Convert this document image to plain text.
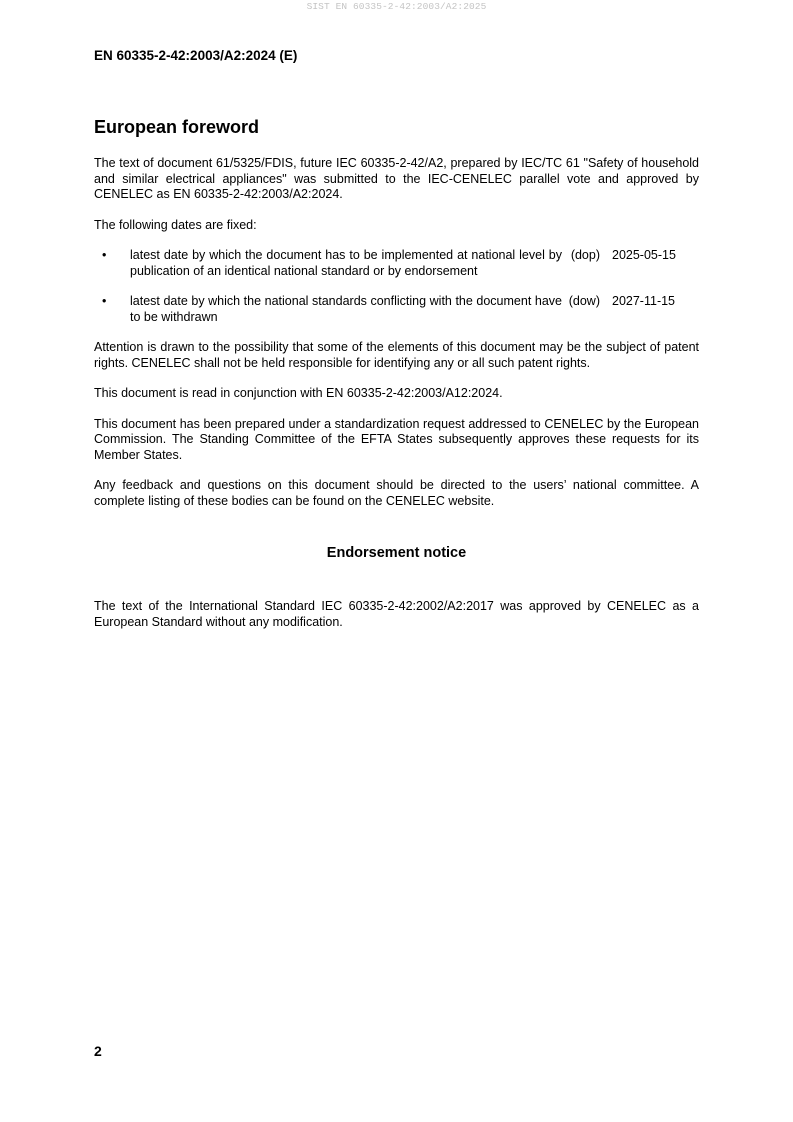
SIST EN 60335-2-42:2003/A2:2025
EN 60335-2-42:2003/A2:2024 (E)
European foreword

The text of document 61/5325/FDIS, future IEC 60335-2-42/A2, prepared by IEC/TC 61 "Safety of household and similar electrical appliances" was submitted to the IEC-CENELEC parallel vote and approved by CENELEC as EN 60335-2-42:2003/A2:2024.

The following dates are fixed:

•	latest date by which the document has to be implemented at national level by publication of an identical national standard or by endorsement
(dop) 2025-05-15
•	latest date by which the national standards conflicting with the document have to be withdrawn
(dow) 2027-11-15

Attention is drawn to the possibility that some of the elements of this document may be the subject of patent rights. CENELEC shall not be held responsible for identifying any or all such patent rights.

This document is read in conjunction with EN 60335-2-42:2003/A12:2024.

This document has been prepared under a standardization request addressed to CENELEC by the European Commission. The Standing Committee of the EFTA States subsequently approves these requests for its Member States.

Any feedback and questions on this document should be directed to the users’ national committee. A complete listing of these bodies can be found on the CENELEC website.

Endorsement notice

The text of the International Standard IEC 60335-2-42:2002/A2:2017 was approved by CENELEC as a European Standard without any modification.

2
